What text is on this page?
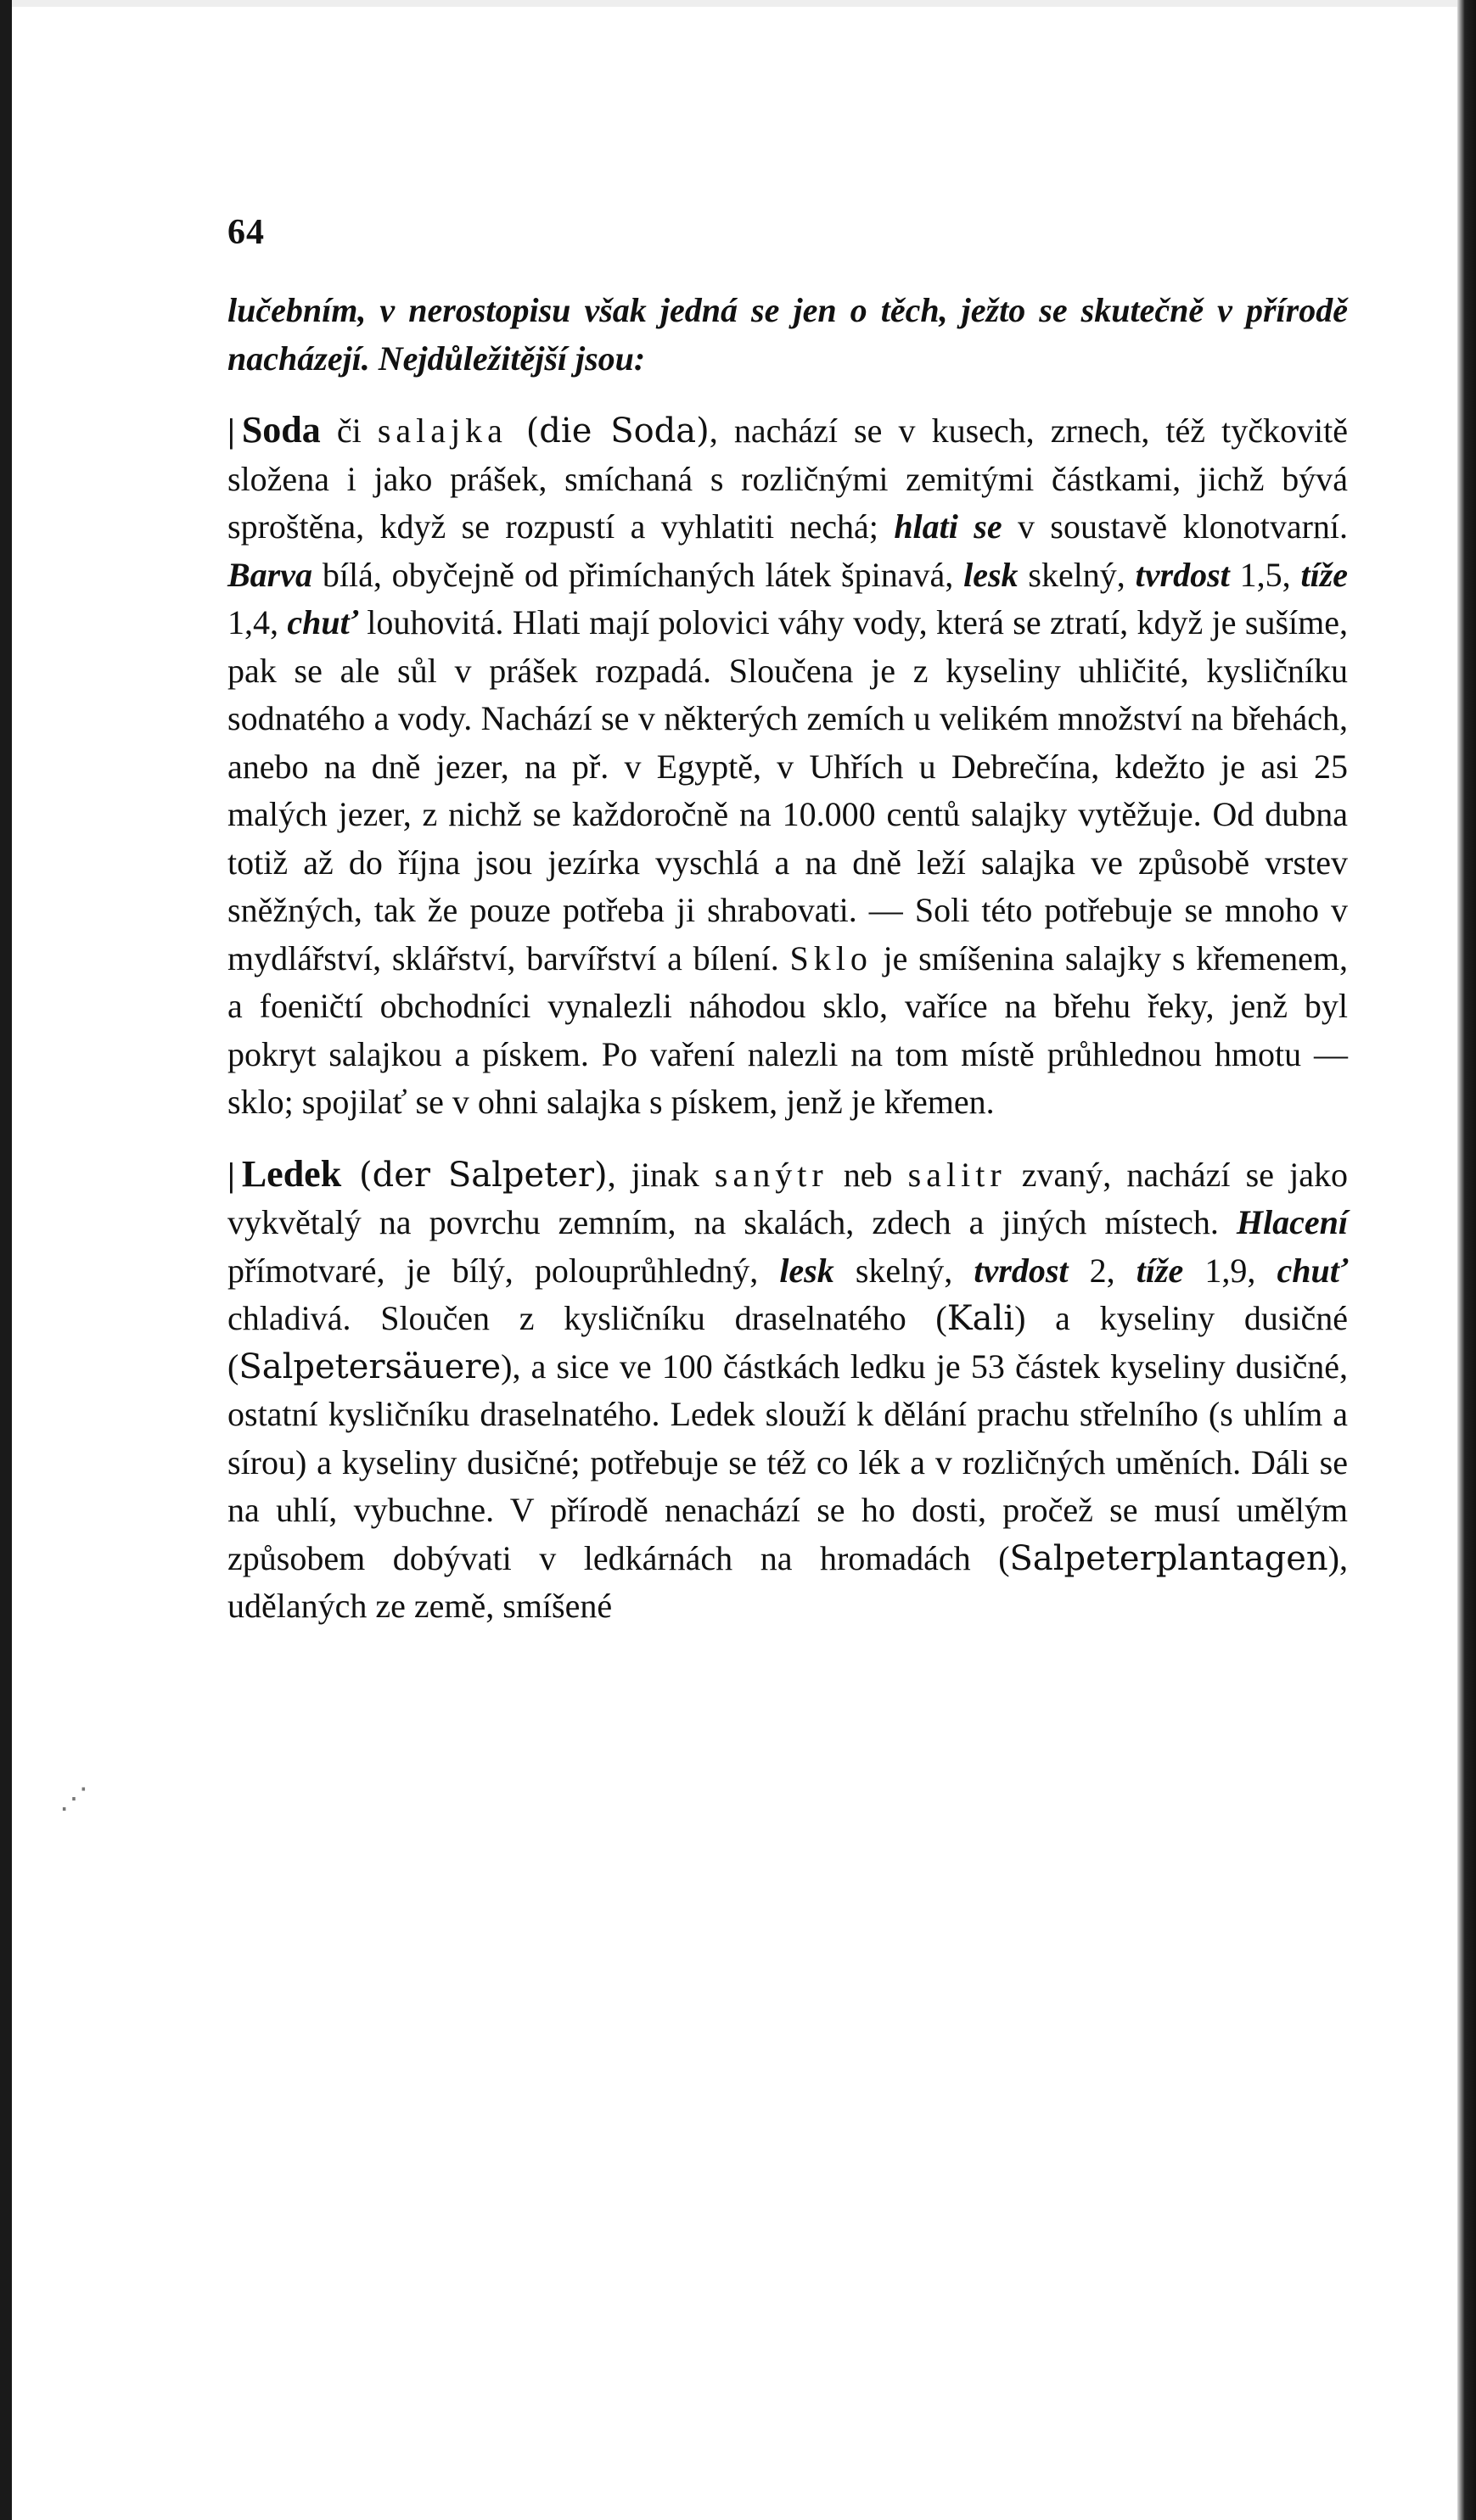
⋰
64

lučebním, v nerostopisu však jedná se jen o těch, ježto se skutečně v přírodě nacházejí. Nejdůležitější jsou:

| Soda či salajka (die Soda), nachází se v kusech, zrnech, též tyčkovitě složena i jako prášek, smíchaná s rozličnými zemitými částkami, jichž bývá sproštěna, když se rozpustí a vyhlatiti nechá; hlati se v soustavě klonotvarní. Barva bílá, obyčejně od přimíchaných látek špinavá, lesk skelný, tvrdost 1,5, tíže 1,4, chuť louhovitá. Hlati mají polovici váhy vody, která se ztratí, když je sušíme, pak se ale sůl v prášek rozpadá. Sloučena je z kyseliny uhličité, kysličníku sodnatého a vody. Nachází se v některých zemích u velikém množství na břehách, anebo na dně jezer, na př. v Egyptě, v Uhřích u Debrečína, kdežto je asi 25 malých jezer, z nichž se každoročně na 10.000 centů salajky vytěžuje. Od dubna totiž až do října jsou jezírka vyschlá a na dně leží salajka ve způsobě vrstev sněžných, tak že pouze potřeba ji shrabovati. — Soli této potřebuje se mnoho v mydlářství, sklářství, barvířství a bílení. Sklo je smíšenina salajky s křemenem, a foeničtí obchodníci vynalezli náhodou sklo, vaříce na břehu řeky, jenž byl pokryt salajkou a pískem. Po vaření nalezli na tom místě průhlednou hmotu — sklo; spojilať se v ohni salajka s pískem, jenž je křemen.

| Ledek (der Salpeter), jinak sanýtr neb salitr zvaný, nachází se jako vykvětalý na povrchu zemním, na skalách, zdech a jiných místech. Hlacení přímotvaré, je bílý, polouprůhledný, lesk skelný, tvrdost 2, tíže 1,9, chuť chladivá. Sloučen z kysličníku draselnatého (Kali) a kyseliny dusičné (Salpetersäuere), a sice ve 100 částkách ledku je 53 částek kyseliny dusičné, ostatní kysličníku draselnatého. Ledek slouží k dělání prachu střelního (s uhlím a sírou) a kyseliny dusičné; potřebuje se též co lék a v rozličných uměních. Dáli se na uhlí, vybuchne. V přírodě nenachází se ho dosti, pročež se musí umělým způsobem dobývati v ledkárnách na hromadách (Salpeterplantagen), udělaných ze země, smíšené
